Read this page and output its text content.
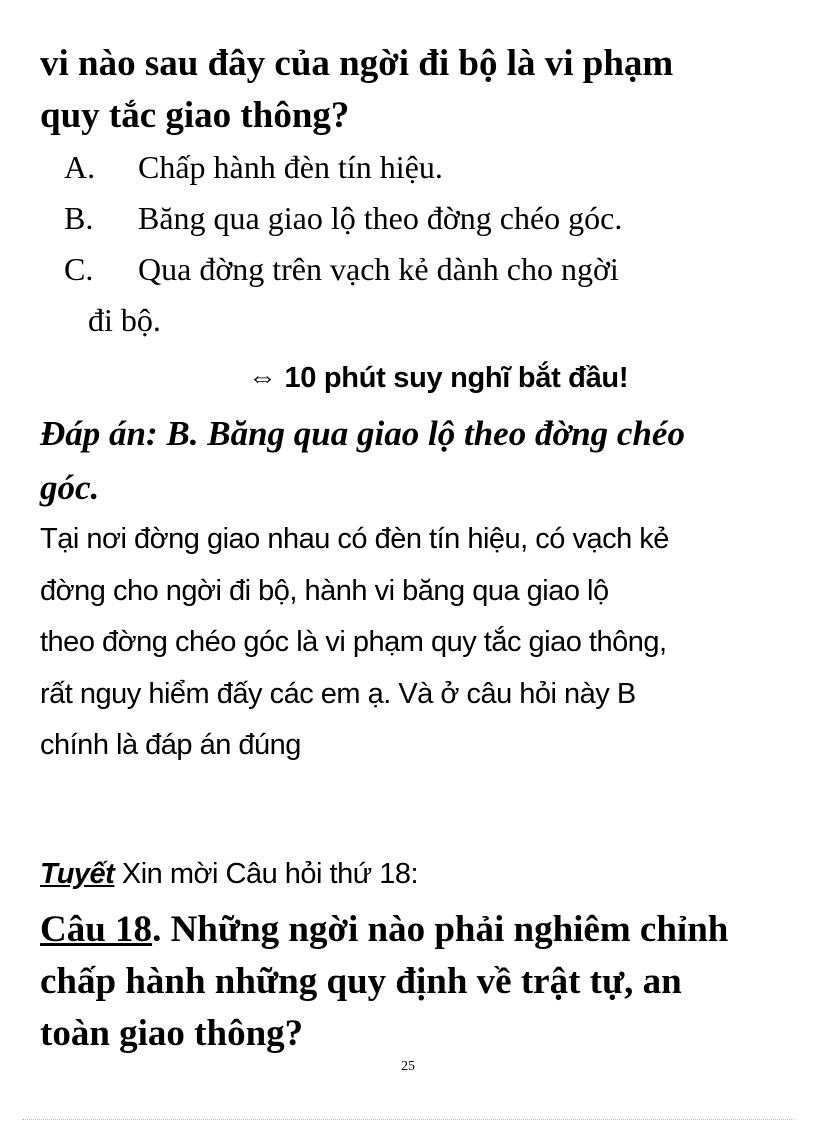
vi nào sau đây của ngời đi bộ là vi phạm

quy tắc giao thông?

A. Chấp hành đèn tín hiệu.

B. Băng qua giao lộ theo đờng chéo góc.

C. Qua đờng trên vạch kẻ dành cho ngời

đi bộ.

⇔ 10 phút suy nghĩ bắt đầu!

Đáp án: B. Băng qua giao lộ theo đờng chéo

góc.

Tại nơi đờng giao nhau có đèn tín hiệu, có vạch kẻ

đờng cho ngời đi bộ, hành vi băng qua giao lộ

theo đờng chéo góc là vi phạm quy tắc giao thông,

rất nguy hiểm đấy các em ạ. Và ở câu hỏi này B

chính là đáp án đúng

Tuyết Xin mời Câu hỏi thứ 18:

Câu 18. Những ngời nào phải nghiêm chỉnh

chấp hành những quy định về trật tự, an

toàn giao thông?

25
